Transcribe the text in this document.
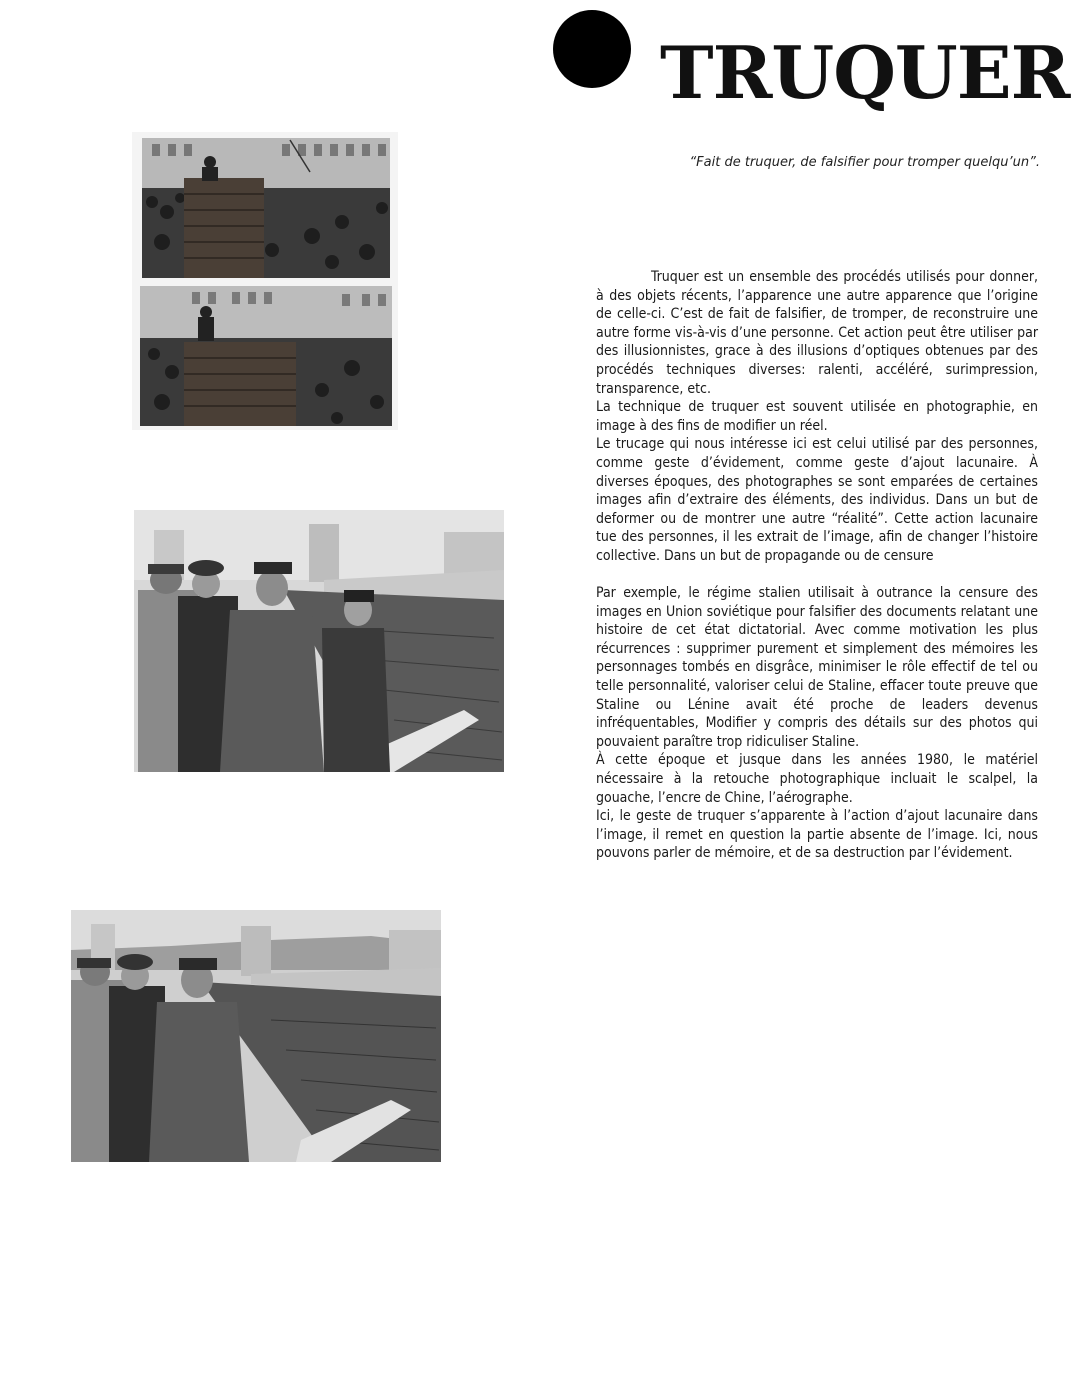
TRUQUER

“Fait de truquer, de falsifier pour tromper quelqu’un”.

Truquer est un ensemble des procédés utilisés pour donner, à des objets récents, l’apparence une autre apparence que l’origine de celle-ci. C’est de fait de falsifier, de tromper, de reconstruire une autre forme vis-à-vis d’une personne. Cet action peut être utiliser par des illusionnistes, grace à des illusions d’optiques obtenues par des procédés techniques diverses: ralenti, accéléré, surimpression, transparence, etc.

La technique de truquer est souvent utilisée en photographie, en image à des fins de modifier un réel.

Le trucage qui nous intéresse ici est celui utilisé par des personnes, comme geste d’évidement, comme geste d’ajout lacunaire. À diverses époques, des photographes se sont emparées de certaines images afin d’extraire des éléments, des individus. Dans un but de deformer ou de montrer une autre “réalité”. Cette action lacunaire tue des personnes, il les extrait de l’image, afin de changer l’histoire collective. Dans un but de propagande ou de censure

Par exemple, le régime stalien utilisait à outrance la censure des images en Union soviétique pour falsifier des documents relatant une histoire de cet état dictatorial. Avec comme motivation les plus récurrences : supprimer purement et simplement des mémoires les personnages tombés en disgrâce, minimiser le rôle effectif de tel ou telle personnalité, valoriser celui de Staline, effacer toute preuve que Staline ou Lénine avait été proche de leaders devenus infréquentables, Modifier y compris des détails sur des photos qui pouvaient paraître trop ridiculiser Staline.

À cette époque et jusque dans les années 1980, le matériel nécessaire à la retouche photographique incluait le scalpel, la gouache, l’encre de Chine, l’aérographe.

Ici, le geste de truquer s’apparente à l’action d’ajout lacunaire dans l’image, il remet en question la partie absente de l’image. Ici, nous pouvons parler de mémoire, et de sa destruction par l’évidement.
